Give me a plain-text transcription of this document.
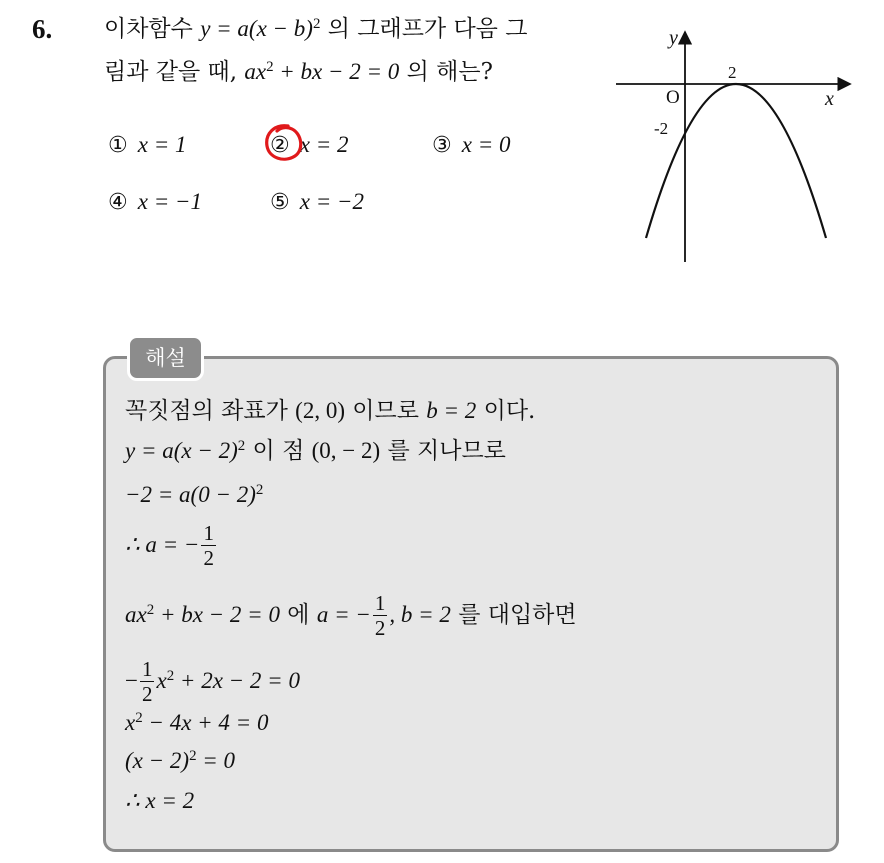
6. 이차함수 $y = a(x - b)^2$ 의 그래프가 다음 그
림과 같을 때, $ax^2$ + bx − 2 = 0 의 해는?
① x = 1	② x = 2	③ x = 0
④ x = −1	⑤ x = −2
y
x
O
2
-2
해설
꼭짓점의 좌표가 (2, 0) 이므로 b = 2 이다.
$y = a(x - 2)^2$ 이 점 (0, − 2) 를 지나므로
$-2 = a(0 - 2)^2$
∴ a = − $\frac{1}{2}$
$ax^2$ + bx − 2 = 0 에 a = − $\frac{1}{2}$ , b = 2 를 대입하면
− $\frac{1}{2} x^2 + 2x - 2 = 0$
$x^2 - 4x + 4 = 0$
$(x - 2)^2 = 0$
∴ x = 2
